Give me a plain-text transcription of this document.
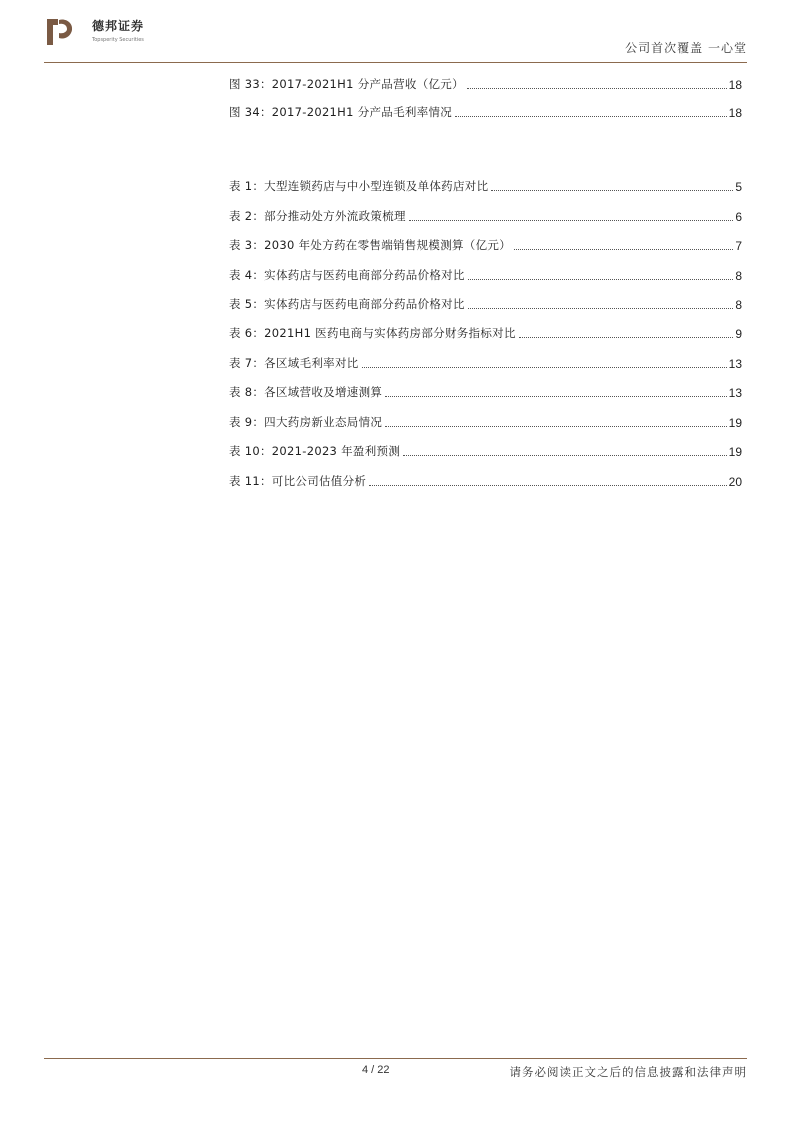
德邦证券
Topsperity Securities
公司首次覆盖 一心堂
图 33：2017-2021H1 分产品营收（亿元）	18
图 34：2017-2021H1 分产品毛利率情况	18
表 1：大型连锁药店与中小型连锁及单体药店对比	5
表 2：部分推动处方外流政策梳理	6
表 3：2030 年处方药在零售端销售规模测算（亿元）	7
表 4：实体药店与医药电商部分药品价格对比	8
表 5：实体药店与医药电商部分药品价格对比	8
表 6：2021H1 医药电商与实体药房部分财务指标对比	9
表 7：各区域毛利率对比	13
表 8：各区域营收及增速测算	13
表 9：四大药房新业态局情况	19
表 10：2021-2023 年盈利预测	19
表 11：可比公司估值分析	20
4 / 22	请务必阅读正文之后的信息披露和法律声明
